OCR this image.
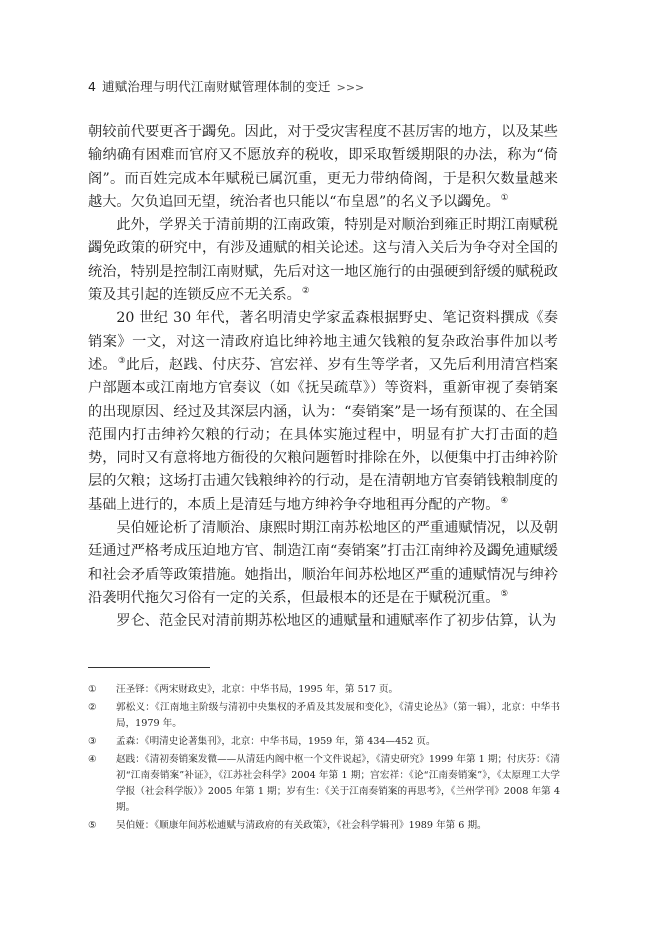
4 逋赋治理与明代江南财赋管理体制的变迁 >>>

朝较前代要更吝于蠲免。因此，对于受灾害程度不甚厉害的地方，以及某些输纳确有困难而官府又不愿放弃的税收，即采取暂缓期限的办法，称为“倚阁”。而百姓完成本年赋税已属沉重，更无力带纳倚阁，于是积欠数量越来越大。欠负追回无望，统治者也只能以“布皇恩”的名义予以蠲免。①

此外，学界关于清前期的江南政策，特别是对顺治到雍正时期江南赋税蠲免政策的研究中，有涉及逋赋的相关论述。这与清入关后为争夺对全国的统治，特别是控制江南财赋，先后对这一地区施行的由强硬到舒缓的赋税政策及其引起的连锁反应不无关系。②

20 世纪 30 年代，著名明清史学家孟森根据野史、笔记资料撰成《奏销案》一文，对这一清政府追比绅衿地主逋欠钱粮的复杂政治事件加以考述。③此后，赵践、付庆芬、宫宏祥、岁有生等学者，又先后利用清宫档案户部题本或江南地方官奏议（如《抚吴疏草》）等资料，重新审视了奏销案的出现原因、经过及其深层内涵，认为：“奏销案”是一场有预谋的、在全国范围内打击绅衿欠粮的行动；在具体实施过程中，明显有扩大打击面的趋势，同时又有意将地方衙役的欠粮问题暂时排除在外，以便集中打击绅衿阶层的欠粮；这场打击逋欠钱粮绅衿的行动，是在清朝地方官奏销钱粮制度的基础上进行的，本质上是清廷与地方绅衿争夺地租再分配的产物。④

吴伯娅论析了清顺治、康熙时期江南苏松地区的严重逋赋情况，以及朝廷通过严格考成压迫地方官、制造江南“奏销案”打击江南绅衿及蠲免逋赋缓和社会矛盾等政策措施。她指出，顺治年间苏松地区严重的逋赋情况与绅衿沿袭明代拖欠习俗有一定的关系，但最根本的还是在于赋税沉重。⑤

罗仑、范金民对清前期苏松地区的逋赋量和逋赋率作了初步估算，认为

① 汪圣铎：《两宋财政史》，北京：中华书局，1995 年，第 517 页。
② 郭松义：《江南地主阶级与清初中央集权的矛盾及其发展和变化》，《清史论丛》（第一辑），北京：中华书局，1979 年。
③ 孟森：《明清史论著集刊》，北京：中华书局，1959 年，第 434—452 页。
④ 赵践：《清初奏销案发微——从清廷内阁中枢一个文件说起》，《清史研究》1999 年第 1 期；付庆芬：《清初“江南奏销案”补证》，《江苏社会科学》2004 年第 1 期；宫宏祥：《论“江南奏销案”》，《太原理工大学学报（社会科学版）》2005 年第 1 期；岁有生：《关于江南奏销案的再思考》，《兰州学刊》2008 年第 4 期。
⑤ 吴伯娅：《顺康年间苏松逋赋与清政府的有关政策》，《社会科学辑刊》1989 年第 6 期。
